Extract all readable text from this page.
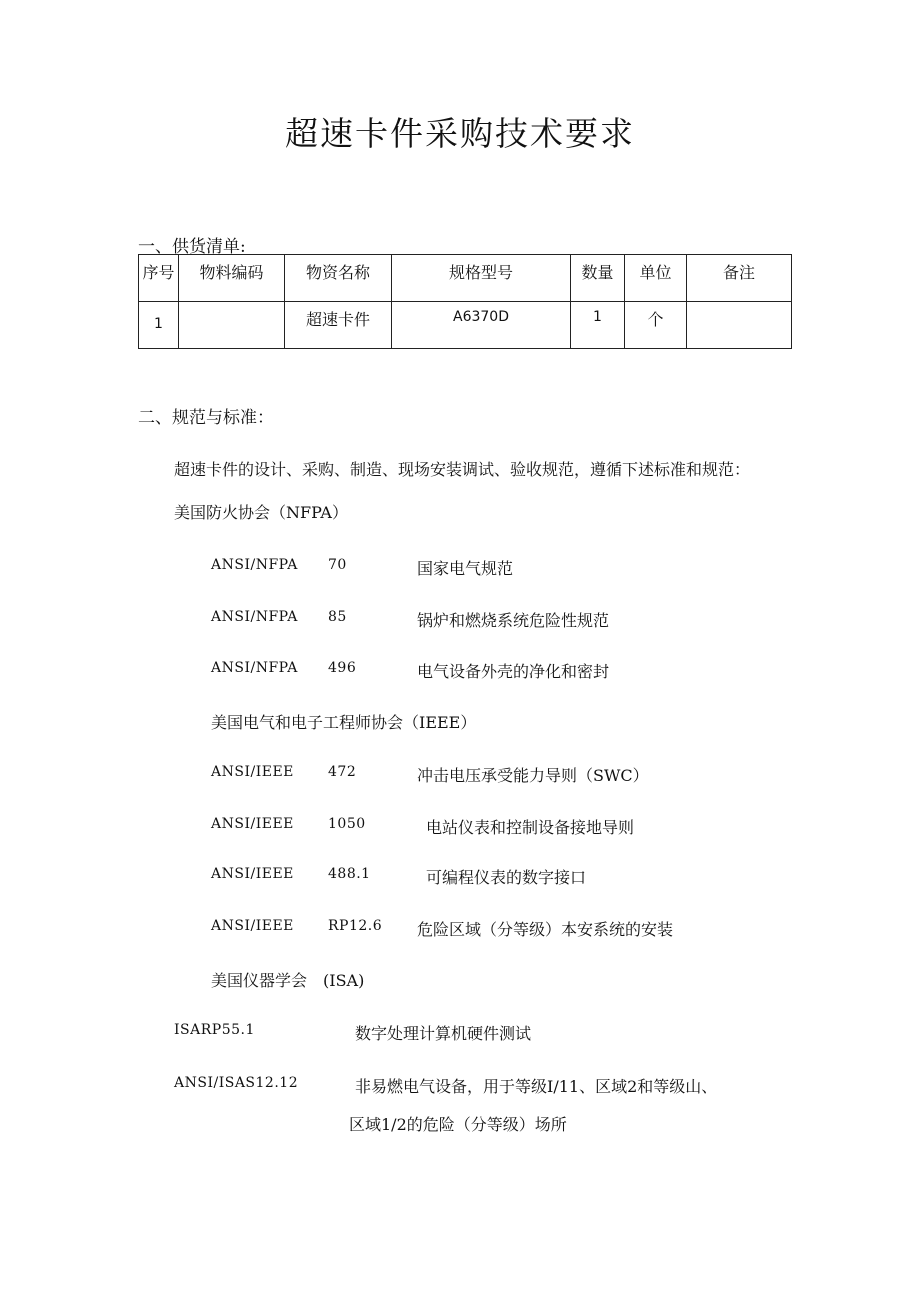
超速卡件采购技术要求
一、供货清单:
序号	物料编码	物资名称	规格型号	数量	单位	备注

1		超速卡件	A6370D	1	个	

二、规范与标准：
超速卡件的设计、采购、制造、现场安装调试、验收规范，遵循下述标准和规范：
美国防火协会（NFPA）
ANSI/NFPA 70	国家电气规范
ANSI/NFPA 85	锅炉和燃烧系统危险性规范
ANSI/NFPA 496	电气设备外壳的净化和密封
美国电气和电子工程师协会（IEEE）
ANSI/IEEE 472	冲击电压承受能力导则（SWC）
ANSI/IEEE 1050	电站仪表和控制设备接地导则
ANSI/IEEE 488.1	可编程仪表的数字接口
ANSI/IEEE RP12.6 危险区域（分等级）本安系统的安装
美国仪器学会　(ISA)
ISARP55.1	数字处理计算机硬件测试
ANSI/ISAS12.12	非易燃电气设备，用于等级I/11、区域2和等级山、
区域1/2的危险（分等级）场所
